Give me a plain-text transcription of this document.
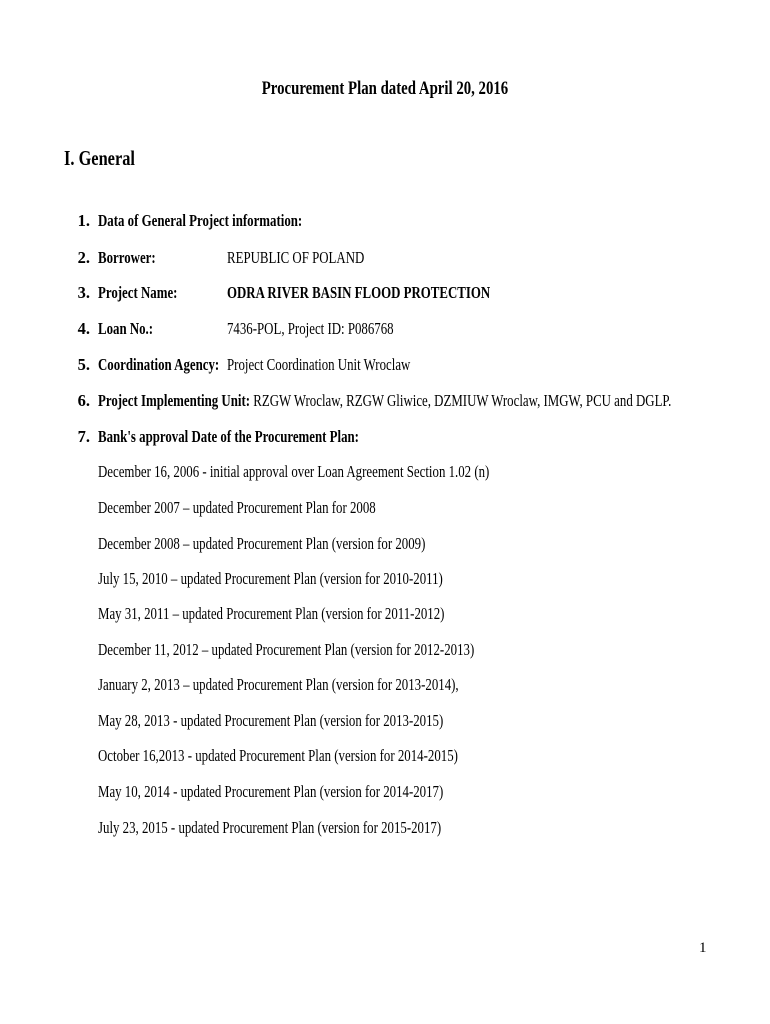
Procurement Plan dated April 20, 2016
I. General
1. Data of General Project information:
2. Borrower:	REPUBLIC OF POLAND
3. Project Name:	ODRA RIVER BASIN FLOOD PROTECTION
4. Loan No.:	7436-POL, Project ID: P086768
5. Coordination Agency: Project Coordination Unit Wroclaw
6. Project Implementing Unit: RZGW Wroclaw, RZGW Gliwice, DZMIUW Wroclaw, IMGW, PCU and DGLP.
7. Bank's approval Date of the Procurement Plan:
December 16, 2006 - initial approval over Loan Agreement Section 1.02 (n)
December 2007 – updated Procurement Plan for 2008
December 2008 – updated Procurement Plan (version for 2009)
July 15, 2010 – updated Procurement Plan (version for 2010-2011)
May 31, 2011 – updated Procurement Plan (version for 2011-2012)
December 11, 2012 – updated Procurement Plan (version for 2012-2013)
January 2, 2013 – updated Procurement Plan (version for 2013-2014),
May 28, 2013 - updated Procurement Plan (version for 2013-2015)
October 16,2013 - updated Procurement Plan (version for 2014-2015)
May 10, 2014 - updated Procurement Plan (version for 2014-2017)
July 23, 2015 - updated Procurement Plan (version for 2015-2017)
1
